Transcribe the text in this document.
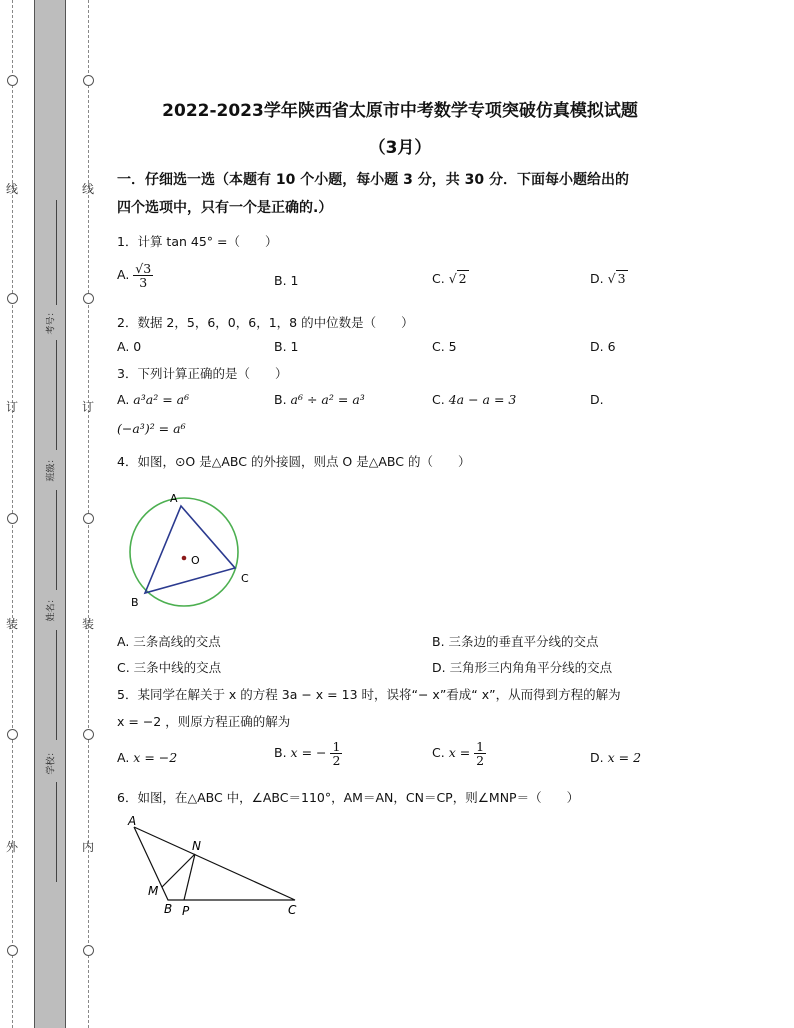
线
订
装
外
线
订
装
内
考号：
班级：
姓名：
学校：
2022-2023学年陕西省太原市中考数学专项突破仿真模拟试题
（3月）
一．仔细选一选（本题有 10 个小题，每小题 3 分，共 30 分．下面每小题给出的
四个选项中，只有一个是正确的.）
1．计算 tan 45° =（　　）
A. $\frac{√3}{3}$	B. 1	C. √ 2	D. √ 3
2．数据 2，5，6，0，6，1，8 的中位数是（　　）
A. 0	B. 1	C. 5	D. 6
3．下列计算正确的是（　　）
A. a³a² = a⁶	B. a⁶ ÷ a² = a³	C. 4a − a = 3	D.
(−a³)² = a⁶
4．如图，⊙O 是△ABC 的外接圆，则点 O 是△ABC 的（　　）
A
B
C
O
A. 三条高线的交点	B. 三条边的垂直平分线的交点
C. 三条中线的交点	D. 三角形三内角角平分线的交点
5．某同学在解关于 x 的方程 3a − x = 13 时，误将“− x”看成“ x”，从而得到方程的解为
x = −2 ，则原方程正确的解为
A. x = −2	B. x = − $\frac{1}{2}$	C. $x = \frac{1}{2}$	D. x = 2
6．如图，在△ABC 中，∠ABC＝110°，AM＝AN，CN＝CP，则∠MNP＝（　　）
A
N
M
B P	C
